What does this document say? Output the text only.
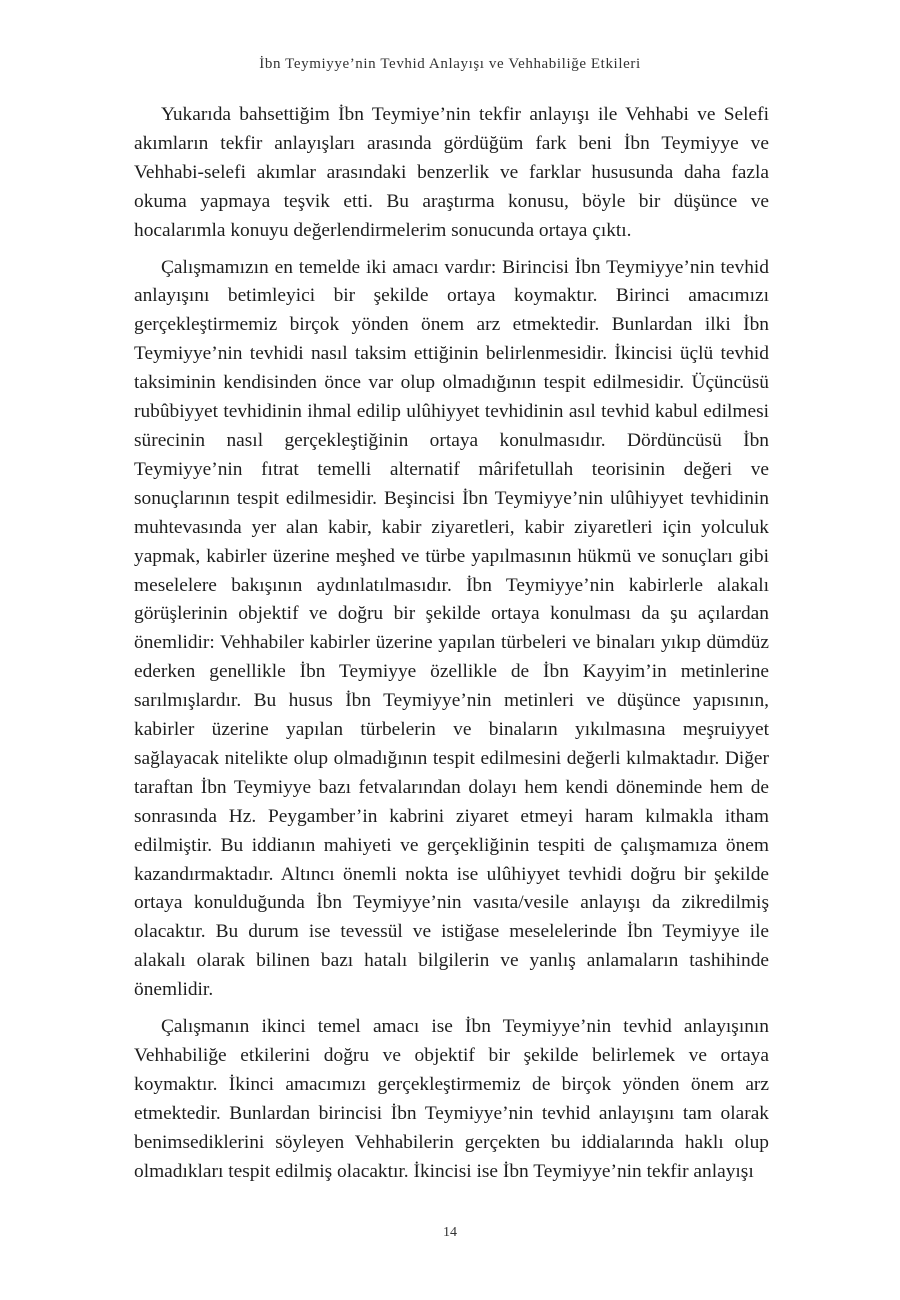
İbn Teymiyye’nin Tevhid Anlayışı ve Vehhabiliğe Etkileri

Yukarıda bahsettiğim İbn Teymiye’nin tekfir anlayışı ile Vehhabi ve Selefi akımların tekfir anlayışları arasında gördüğüm fark beni İbn Teymiyye ve Vehhabi-selefi akımlar arasındaki benzerlik ve farklar hususunda daha fazla okuma yapmaya teşvik etti. Bu araştırma konusu, böyle bir düşünce ve hocalarımla konuyu değerlendirmelerim sonucunda ortaya çıktı.

Çalışmamızın en temelde iki amacı vardır: Birincisi İbn Teymiyye’nin tevhid anlayışını betimleyici bir şekilde ortaya koymaktır. Birinci amacımızı gerçekleştirmemiz birçok yönden önem arz etmektedir. Bunlardan ilki İbn Teymiyye’nin tevhidi nasıl taksim ettiğinin belirlenmesidir. İkincisi üçlü tevhid taksiminin kendisinden önce var olup olmadığının tespit edilmesidir. Üçüncüsü rubûbiyyet tevhidinin ihmal edilip ulûhiyyet tevhidinin asıl tevhid kabul edilmesi sürecinin nasıl gerçekleştiğinin ortaya konulmasıdır. Dördüncüsü İbn Teymiyye’nin fıtrat temelli alternatif mârifetullah teorisinin değeri ve sonuçlarının tespit edilmesidir. Beşincisi İbn Teymiyye’nin ulûhiyyet tevhidinin muhtevasında yer alan kabir, kabir ziyaretleri, kabir ziyaretleri için yolculuk yapmak, kabirler üzerine meşhed ve türbe yapılmasının hükmü ve sonuçları gibi meselelere bakışının aydınlatılmasıdır. İbn Teymiyye’nin kabirlerle alakalı görüşlerinin objektif ve doğru bir şekilde ortaya konulması da şu açılardan önemlidir: Vehhabiler kabirler üzerine yapılan türbeleri ve binaları yıkıp dümdüz ederken genellikle İbn Teymiyye özellikle de İbn Kayyim’in metinlerine sarılmışlardır. Bu husus İbn Teymiyye’nin metinleri ve düşünce yapısının, kabirler üzerine yapılan türbelerin ve binaların yıkılmasına meşruiyyet sağlayacak nitelikte olup olmadığının tespit edilmesini değerli kılmaktadır. Diğer taraftan İbn Teymiyye bazı fetvalarından dolayı hem kendi döneminde hem de sonrasında Hz. Peygamber’in kabrini ziyaret etmeyi haram kılmakla itham edilmiştir. Bu iddianın mahiyeti ve gerçekliğinin tespiti de çalışmamıza önem kazandırmaktadır. Altıncı önemli nokta ise ulûhiyyet tevhidi doğru bir şekilde ortaya konulduğunda İbn Teymiyye’nin vasıta/vesile anlayışı da zikredilmiş olacaktır. Bu durum ise tevessül ve istiğase meselelerinde İbn Teymiyye ile alakalı olarak bilinen bazı hatalı bilgilerin ve yanlış anlamaların tashihinde önemlidir.

Çalışmanın ikinci temel amacı ise İbn Teymiyye’nin tevhid anlayışının Vehhabiliğe etkilerini doğru ve objektif bir şekilde belirlemek ve ortaya koymaktır. İkinci amacımızı gerçekleştirmemiz de birçok yönden önem arz etmektedir. Bunlardan birincisi İbn Teymiyye’nin tevhid anlayışını tam olarak benimsediklerini söyleyen Vehhabilerin gerçekten bu iddialarında haklı olup olmadıkları tespit edilmiş olacaktır. İkincisi ise İbn Teymiyye’nin tekfir anlayışı

14
